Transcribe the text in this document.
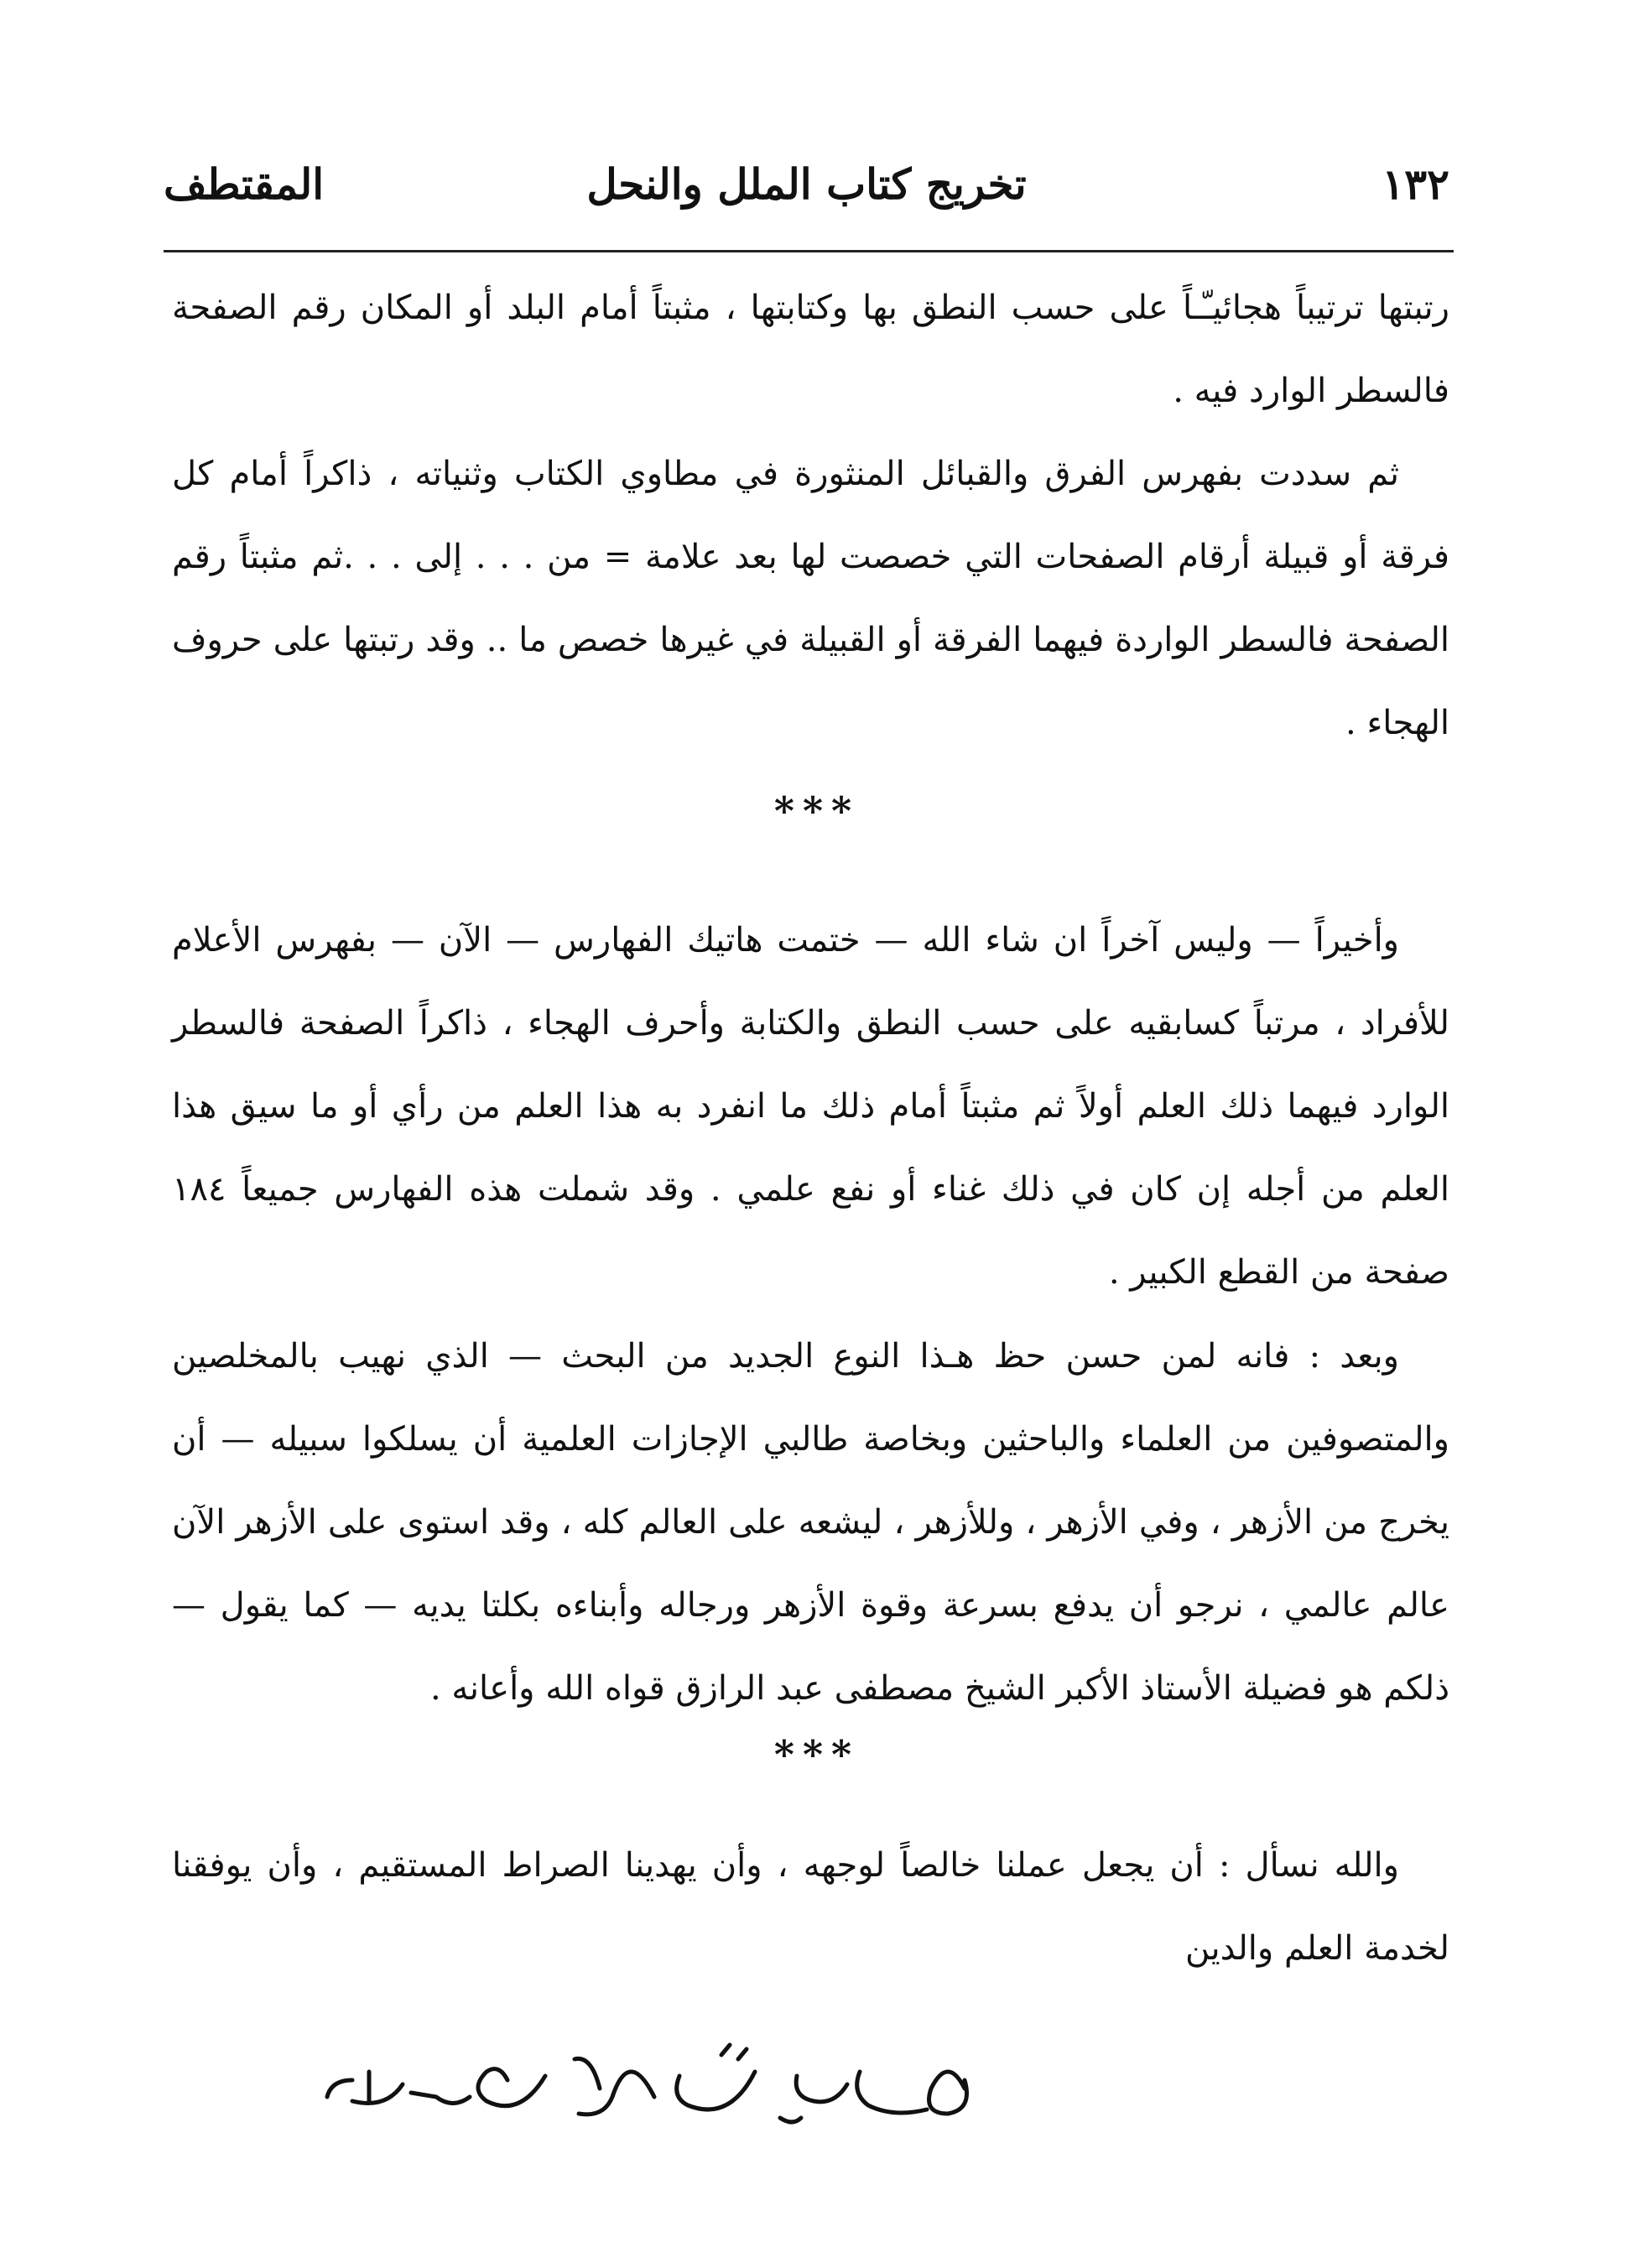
١٣٢
تخريج كتاب الملل والنحل
المقتطف

رتبتها ترتيباً هجائيـّـاً على حسب النطق بها وكتابتها ، مثبتاً أمام البلد أو المكان رقم الصفحة فالسطر الوارد فيه .

ثم سددت بفهرس الفرق والقبائل المنثورة في مطاوي الكتاب وثنياته ، ذاكراً أمام كل فرقة أو قبيلة أرقام الصفحات التي خصصت لها بعد علامة = من . . . إلى . . .ثم مثبتاً رقم الصفحة فالسطر الواردة فيهما الفرقة أو القبيلة في غيرها خصص ما .. وقد رتبتها على حروف الهجاء .

***

وأخيراً — وليس آخراً ان شاء الله — ختمت هاتيك الفهارس — الآن — بفهرس الأعلام للأفراد ، مرتباً كسابقيه على حسب النطق والكتابة وأحرف الهجاء ، ذاكراً الصفحة فالسطر الوارد فيهما ذلك العلم أولاً ثم مثبتاً أمام ذلك ما انفرد به هذا العلم من رأي أو ما سيق هذا العلم من أجله إن كان في ذلك غناء أو نفع علمي . وقد شملت هذه الفهارس جميعاً ١٨٤ صفحة من القطع الكبير .

وبعد : فانه لمن حسن حظ هـذا النوع الجديد من البحث — الذي نهيب بالمخلصين والمتصوفين من العلماء والباحثين وبخاصة طالبي الإجازات العلمية أن يسلكوا سبيله — أن يخرج من الأزهر ، وفي الأزهر ، وللأزهر ، ليشعه على العالم كله ، وقد استوى على الأزهر الآن عالم عالمي ، نرجو أن يدفع بسرعة وقوة الأزهر ورجاله وأبناءه بكلتا يديه — كما يقول — ذلكم هو فضيلة الأستاذ الأكبر الشيخ مصطفى عبد الرازق قواه الله وأعانه .

***

والله نسأل : أن يجعل عملنا خالصاً لوجهه ، وأن يهدينا الصراط المستقيم ، وأن يوفقنا لخدمة العلم والدين
